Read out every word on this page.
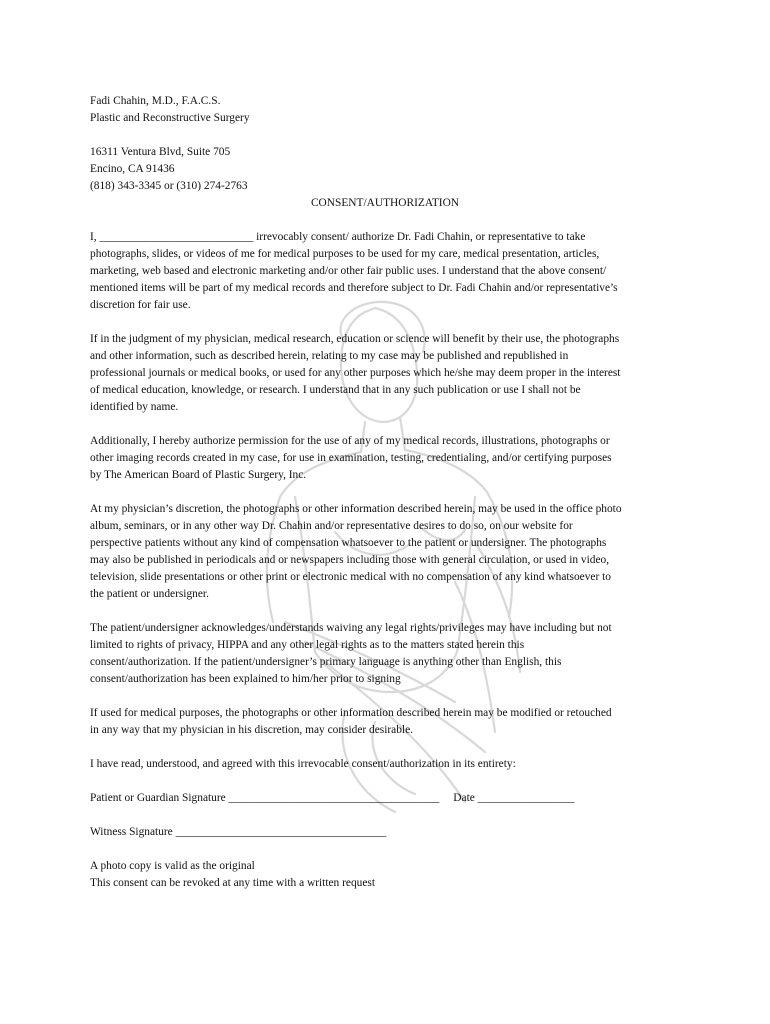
Fadi Chahin, M.D., F.A.C.S.
Plastic and Reconstructive Surgery
16311 Ventura Blvd, Suite 705
Encino, CA 91436
(818) 343-3345 or (310) 274-2763
CONSENT/AUTHORIZATION

I, ___________________________ irrevocably consent/ authorize Dr. Fadi Chahin, or representative to take
photographs, slides, or videos of me for medical purposes to be used for my care, medical presentation, articles,
marketing, web based and electronic marketing and/or other fair public uses. I understand that the above consent/
mentioned items will be part of my medical records and therefore subject to Dr. Fadi Chahin and/or representative’s
discretion for fair use.

If in the judgment of my physician, medical research, education or science will benefit by their use, the photographs
and other information, such as described herein, relating to my case may be published and republished in
professional journals or medical books, or used for any other purposes which he/she may deem proper in the interest
of medical education, knowledge, or research. I understand that in any such publication or use I shall not be
identified by name.

Additionally, I hereby authorize permission for the use of any of my medical records, illustrations, photographs or
other imaging records created in my case, for use in examination, testing, credentialing, and/or certifying purposes
by The American Board of Plastic Surgery, Inc.

At my physician’s discretion, the photographs or other information described herein, may be used in the office photo
album, seminars, or in any other way Dr. Chahin and/or representative desires to do so, on our website for
perspective patients without any kind of compensation whatsoever to the patient or undersigner. The photographs
may also be published in periodicals and or newspapers including those with general circulation, or used in video,
television, slide presentations or other print or electronic medical with no compensation of any kind whatsoever to
the patient or undersigner.

The patient/undersigner acknowledges/understands waiving any legal rights/privileges may have including but not
limited to rights of privacy, HIPPA and any other legal rights as to the matters stated herein this
consent/authorization. If the patient/undersigner’s primary language is anything other than English, this
consent/authorization has been explained to him/her prior to signing

If used for medical purposes, the photographs or other information described herein may be modified or retouched
in any way that my physician in his discretion, may consider desirable.

I have read, understood, and agreed with this irrevocable consent/authorization in its entirety:

Patient or Guardian Signature _____________________________________ Date _________________
Witness Signature _____________________________________

A photo copy is valid as the original
This consent can be revoked at any time with a written request
